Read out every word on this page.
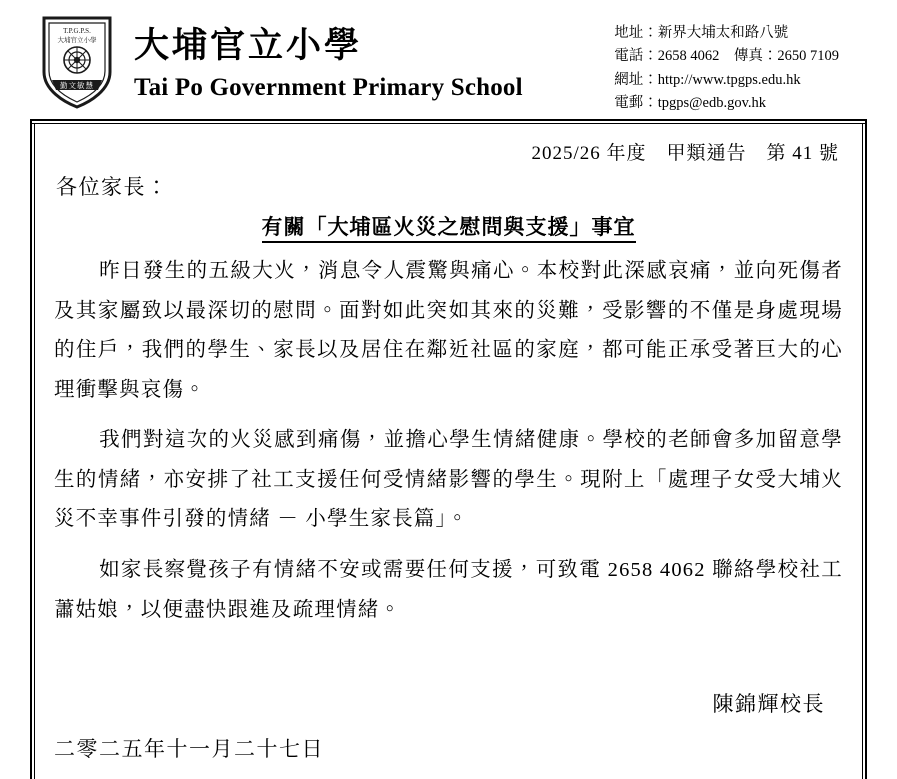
T.P.G.P.S.
大埔官立小學
勤文敏慧
大埔官立小學
Tai Po Government Primary School
地址：新界大埔太和路八號
電話：2658 4062　傳真：2650 7109
網址：http://www.tpgps.edu.hk
電郵：tpgps@edb.gov.hk
2025/26 年度　甲類通告　第 41 號
各位家長：
有關「大埔區火災之慰問與支援」事宜

昨日發生的五級大火，消息令人震驚與痛心。本校對此深感哀痛，並向死傷者及其家屬致以最深切的慰問。面對如此突如其來的災難，受影響的不僅是身處現場的住戶，我們的學生、家長以及居住在鄰近社區的家庭，都可能正承受著巨大的心理衝擊與哀傷。

我們對這次的火災感到痛傷，並擔心學生情緒健康。學校的老師會多加留意學生的情緒，亦安排了社工支援任何受情緒影響的學生。現附上「處理子女受大埔火災不幸事件引發的情緒 － 小學生家長篇」。

如家長察覺孩子有情緒不安或需要任何支援，可致電 2658 4062 聯絡學校社工蕭姑娘，以便盡快跟進及疏理情緒。

陳錦輝校長
二零二五年十一月二十七日
